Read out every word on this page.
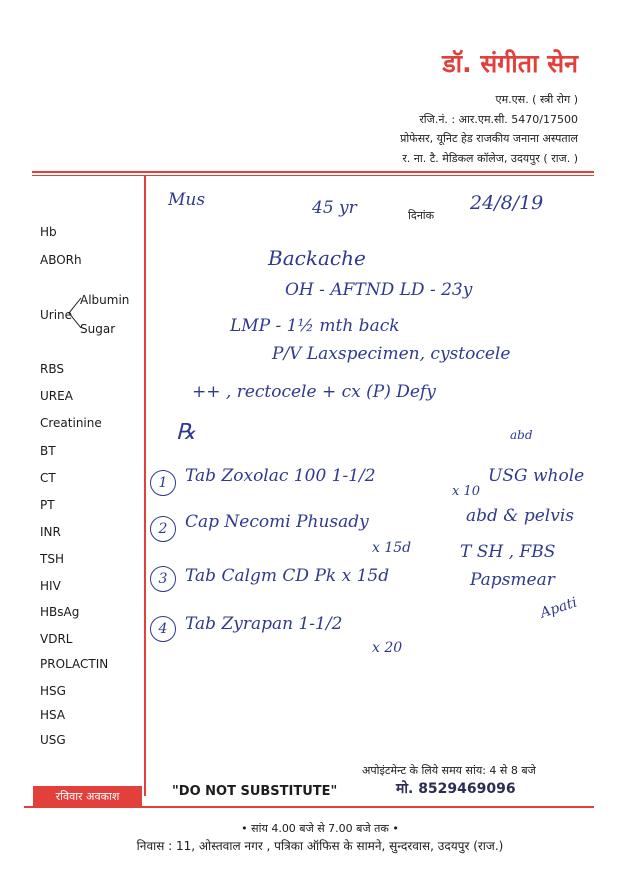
डॉ. संगीता सेन
एम.एस. ( स्त्री रोग )
रजि.नं. : आर.एम.सी. 5470/17500
प्रोफेसर, यूनिट हेड राजकीय जनाना अस्पताल
र. ना. टै. मेडिकल कॉलेज, उदयपुर ( राज. )
Hb
ABORh
Urine
Albumin
Sugar
RBS
UREA
Creatinine
BT
CT
PT
INR
TSH
HIV
HBsAg
VDRL
PROLACTIN
HSG
HSA
USG
दिनांक
Mus	45 yr	24/8/19
Backache
OH - AFTND LD - 23y
LMP - 1½ mth back
P/V Laxspecimen, cystocele
++ , rectocele + cx (P) Defy
℞	abd
1	Tab Zoxolac 100 1-1/2
x 10
USG whole
2	Cap Necomi Phusady	abd & pelvis
x 15d	T SH , FBS
3	Tab Calgm CD Pk x 15d	Papsmear
4	Tab Zyrapan 1-1/2
x 20
Apati
अपोइंटमेन्ट के लिये समय सांय: 4 से 8 बजे
मो. 8529469096
रविवार अवकाश	"DO NOT SUBSTITUTE"
• सांय 4.00 बजे से 7.00 बजे तक •
निवास : 11, ओस्तवाल नगर , पत्रिका ऑफिस के सामने, सुन्दरवास, उदयपुर (राज.)
